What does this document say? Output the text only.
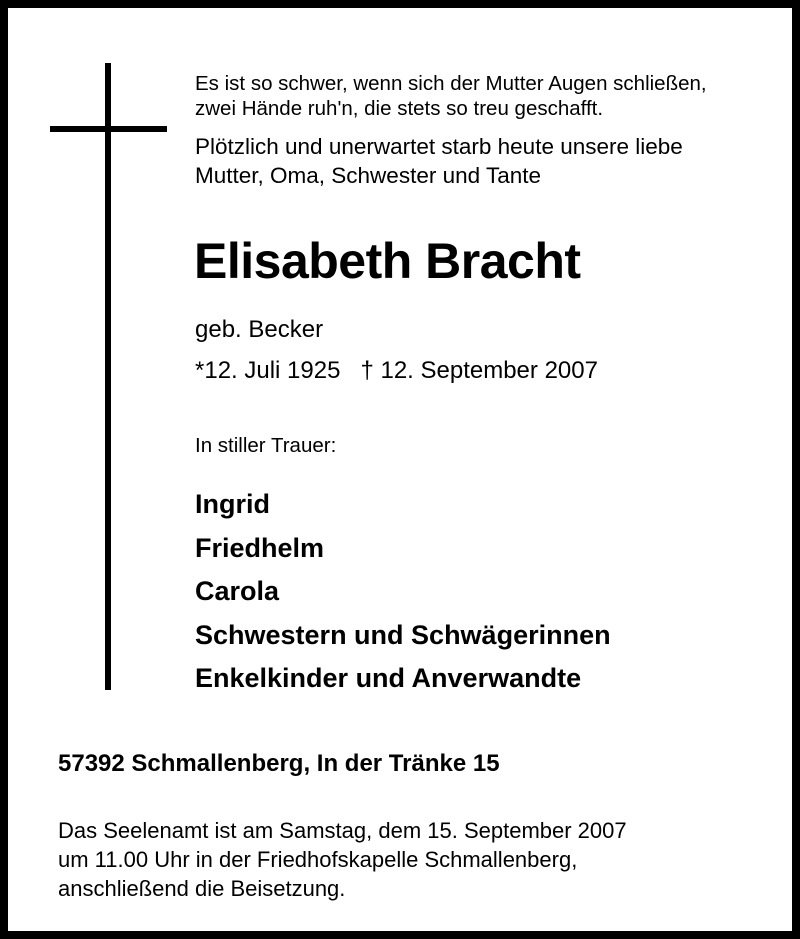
Es ist so schwer, wenn sich der Mutter Augen schließen,
zwei Hände ruh'n, die stets so treu geschafft.
Plötzlich und unerwartet starb heute unsere liebe
Mutter, Oma, Schwester und Tante
Elisabeth Bracht
geb. Becker
*12. Juli 1925 † 12. September 2007
In stiller Trauer:
Ingrid
Friedhelm
Carola
Schwestern und Schwägerinnen
Enkelkinder und Anverwandte
57392 Schmallenberg, In der Tränke 15
Das Seelenamt ist am Samstag, dem 15. September 2007
um 11.00 Uhr in der Friedhofskapelle Schmallenberg,
anschließend die Beisetzung.
